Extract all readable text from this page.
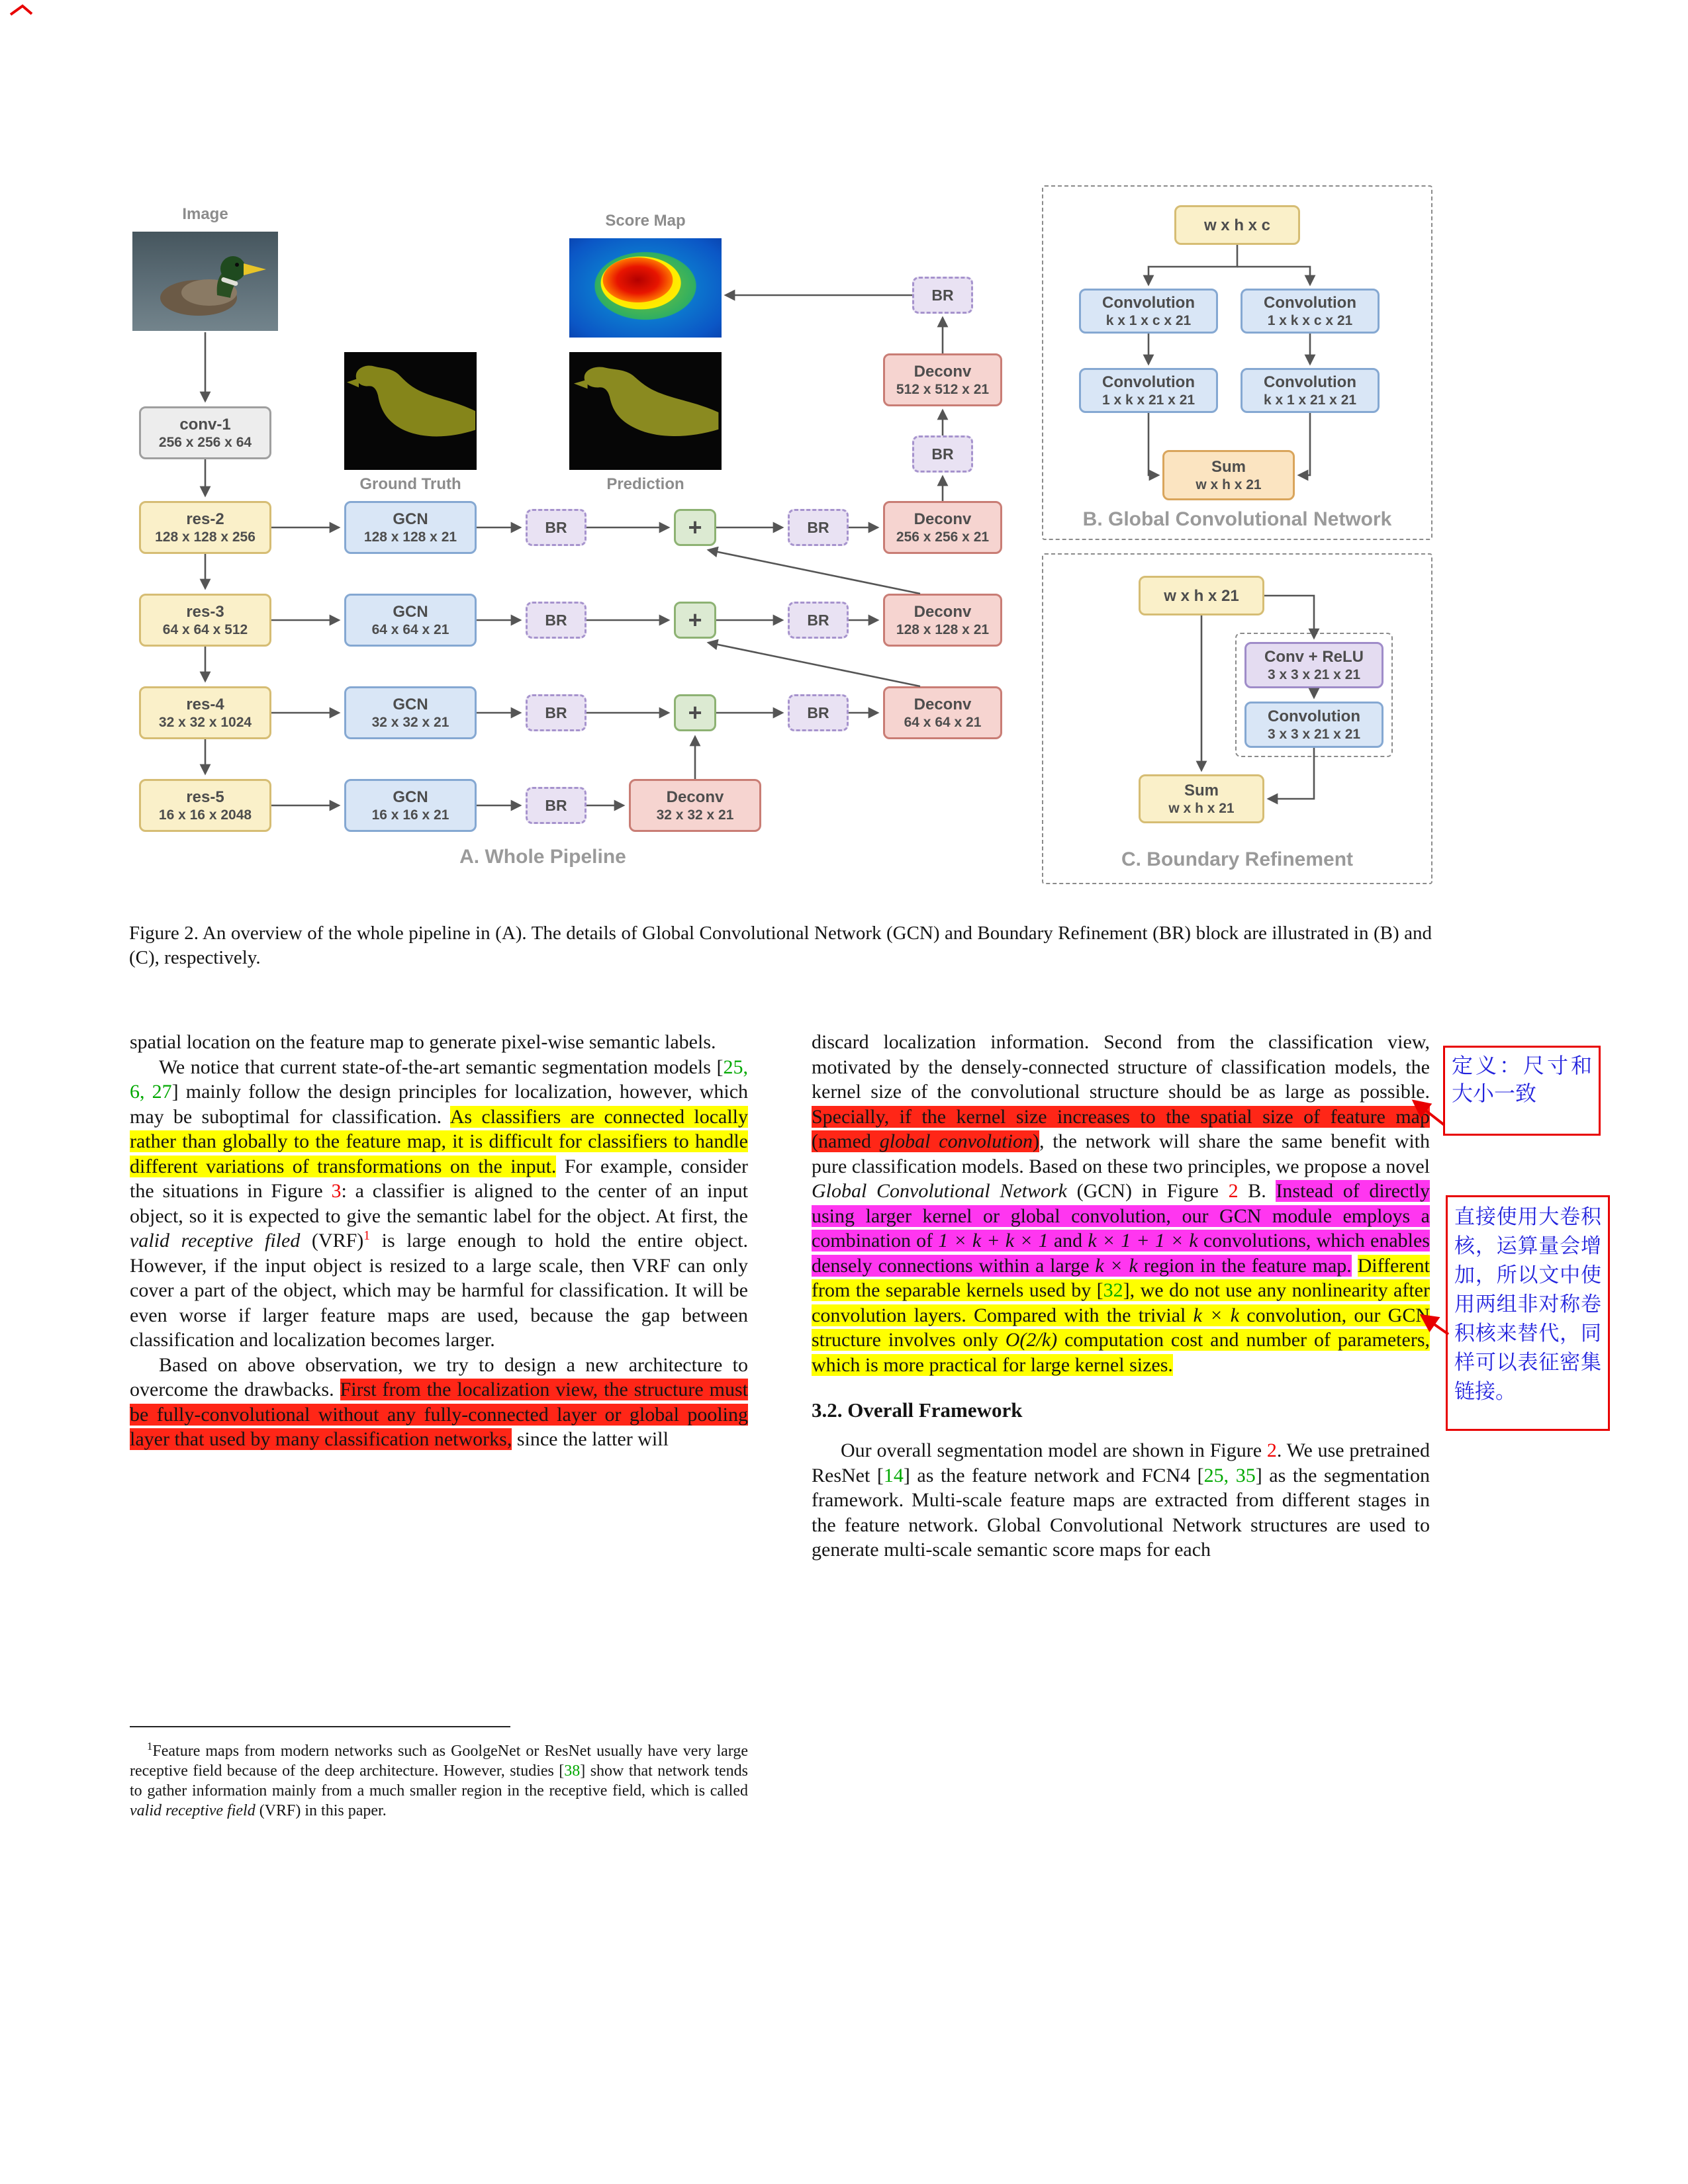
Image	Score Map
Ground Truth	Prediction
A. Whole Pipeline
conv-1
256 x 256 x 64
res-2
128 x 128 x 256
res-3
64 x 64 x 512
res-4
32 x 32 x 1024
res-5
16 x 16 x 2048
GCN
128 x 128 x 21
GCN
64 x 64 x 21
GCN
32 x 32 x 21
GCN
16 x 16 x 21
BR
BR
BR
BR
+
+
+
BR
BR
BR
Deconv
256 x 256 x 21
Deconv
128 x 128 x 21
Deconv
64 x 64 x 21
Deconv
32 x 32 x 21
BR
Deconv
512 x 512 x 21
BR
w x h x c
Convolution
k x 1 x c x 21
Convolution
1 x k x c x 21
Convolution
1 x k x 21 x 21
Convolution
k x 1 x 21 x 21
Sum
w x h x 21
B. Global Convolutional Network
w x h x 21
Conv + ReLU
3 x 3 x 21 x 21
Convolution
3 x 3 x 21 x 21
Sum
w x h x 21
C. Boundary Refinement
Figure 2. An overview of the whole pipeline in (A). The details of Global Convolutional Network (GCN) and Boundary Refinement (BR) block are illustrated in (B) and (C), respectively.

spatial location on the feature map to generate pixel-wise semantic labels.

We notice that current state-of-the-art semantic segmentation models [25, 6, 27] mainly follow the design principles for localization, however, which may be suboptimal for classification. As classifiers are connected locally rather than globally to the feature map, it is difficult for classifiers to handle different variations of transformations on the input. For example, consider the situations in Figure 3: a classifier is aligned to the center of an input object, so it is expected to give the semantic label for the object. At first, the valid receptive filed (VRF)$^1$ is large enough to hold the entire object. However, if the input object is resized to a large scale, then VRF can only cover a part of the object, which may be harmful for classification. It will be even worse if larger feature maps are used, because the gap between classification and localization becomes larger.

Based on above observation, we try to design a new architecture to overcome the drawbacks. First from the localization view, the structure must be fully-convolutional without any fully-connected layer or global pooling layer that used by many classification networks, since the latter will

$^1$Feature maps from modern networks such as GoolgeNet or ResNet usually have very large receptive field because of the deep architecture. However, studies [38] show that network tends to gather information mainly from a much smaller region in the receptive field, which is called valid receptive field (VRF) in this paper.

discard localization information. Second from the classification view, motivated by the densely-connected structure of classification models, the kernel size of the convolutional structure should be as large as possible. Specially, if the kernel size increases to the spatial size of feature map (named global convolution), the network will share the same benefit with pure classification models. Based on these two principles, we propose a novel Global Convolutional Network (GCN) in Figure 2 B. Instead of directly using larger kernel or global convolution, our GCN module employs a combination of 1 × k + k × 1 and k × 1 + 1 × k convolutions, which enables densely connections within a large k × k region in the feature map. Different from the separable kernels used by [32], we do not use any nonlinearity after convolution layers. Compared with the trivial k × k convolution, our GCN structure involves only O(2/k) computation cost and number of parameters, which is more practical for large kernel sizes.

3.2. Overall Framework

Our overall segmentation model are shown in Figure 2. We use pretrained ResNet [14] as the feature network and FCN4 [25, 35] as the segmentation framework. Multi-scale feature maps are extracted from different stages in the feature network. Global Convolutional Network structures are used to generate multi-scale semantic score maps for each

定义：尺寸和大小一致
直接使用大卷积核，运算量会增加，所以文中使用两组非对称卷积核来替代，同样可以表征密集链接。
